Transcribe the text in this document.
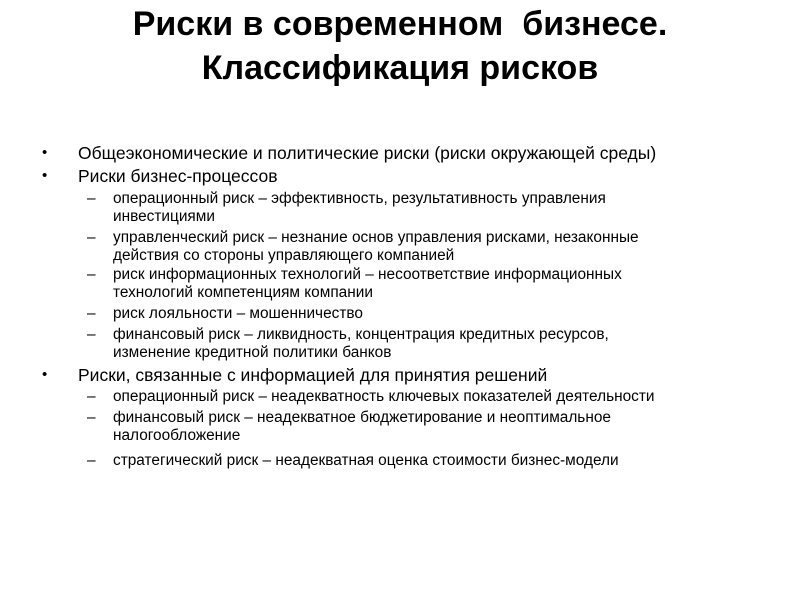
Риски в современном  бизнесе.
Классификация рисков
• Общеэкономические и политические риски (риски окружающей среды)
• Риски бизнес-процессов
– операционный риск – эффективность, результативность управления
инвестициями
– управленческий риск – незнание основ управления рисками, незаконные
действия со стороны управляющего компанией
– риск информационных технологий – несоответствие информационных
технологий компетенциям компании
– риск лояльности – мошенничество
– финансовый риск – ликвидность, концентрация кредитных ресурсов,
изменение кредитной политики банков
• Риски, связанные с информацией для принятия решений
– операционный риск – неадекватность ключевых показателей деятельности
– финансовый риск – неадекватное бюджетирование и неоптимальное
налогообложение
– стратегический риск – неадекватная оценка стоимости бизнес-модели
